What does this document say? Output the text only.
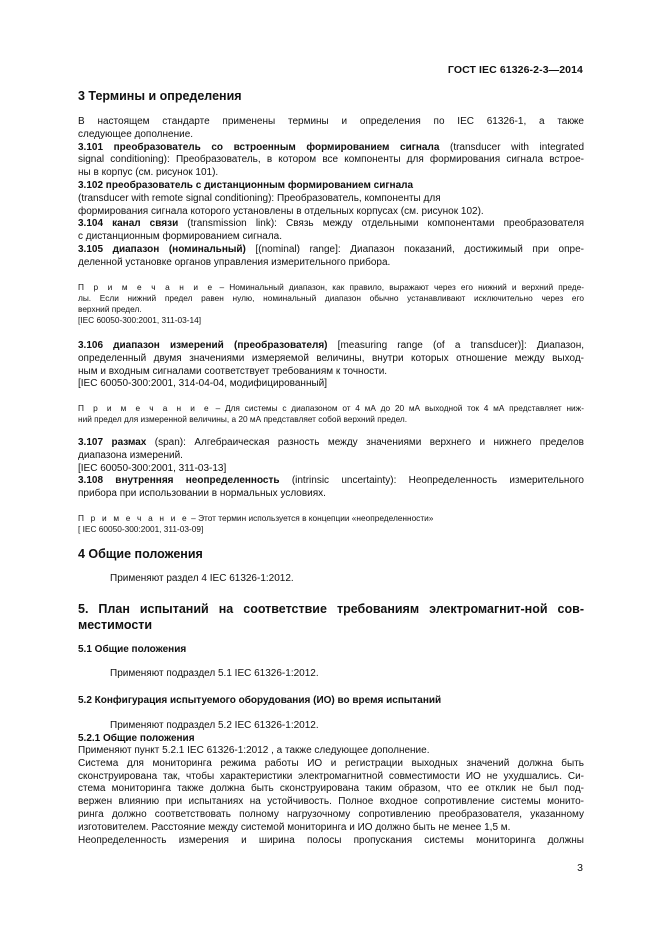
ГОСТ IEC 61326-2-3—2014
3 Термины и определения

В настоящем стандарте применены термины и определения по IEC 61326-1, а также

следующее дополнение.

3.101 преобразователь со встроенным формированием сигнала (transducer with integrated

signal conditioning): Преобразователь, в котором все компоненты для формирования сигнала встрое-

ны в корпус (см. рисунок 101).

3.102 преобразователь с дистанционным формированием сигнала

(transducer with remote signal conditioning): Преобразователь, компоненты для

формирования сигнала которого установлены в отдельных корпусах (см. рисунок 102).

3.104 канал связи (transmission link): Связь между отдельными компонентами преобразователя

с дистанционным формированием сигнала.

3.105 диапазон (номинальный) [(nominal) range]: Диапазон показаний, достижимый при опре-

деленной установке органов управления измерительного прибора.

П р и м е ч а н и е – Номинальный диапазон, как правило, выражают через его нижний и верхний преде-

лы. Если нижний предел равен нулю, номинальный диапазон обычно устанавливают исключительно через его

верхний предел.

[IEC 60050-300:2001, 311-03-14]

3.106 диапазон измерений (преобразователя) [measuring range (of a transducer)]: Диапазон,

определенный двумя значениями измеряемой величины, внутри которых отношение между выход-

ным и входным сигналами соответствует требованиям к точности.

[IEC 60050-300:2001, 314-04-04, модифицированный]

П р и м е ч а н и е – Для системы с диапазоном от 4 мА до 20 мА выходной ток 4 мА представляет ниж-

ний предел для измеренной величины, а 20 мА представляет собой верхний предел.

3.107 размах (span): Алгебраическая разность между значениями верхнего и нижнего пределов

диапазона измерений.

[IEC 60050-300:2001, 311-03-13]

3.108 внутренняя неопределенность (intrinsic uncertainty): Неопределенность измерительного

прибора при использовании в нормальных условиях.

П р и м е ч а н и е – Этот термин используется в концепции «неопределенности»

[ IEC 60050-300:2001, 311-03-09]

4 Общие положения

Применяют раздел 4 IEC 61326-1:2012.

5. План испытаний на соответствие требованиям электромагнит-ной сов-
местимости
5.1 Общие положения

Применяют подраздел 5.1 IEC 61326-1:2012.

5.2 Конфигурация испытуемого оборудования (ИО) во время испытаний

Применяют подраздел 5.2 IEC 61326-1:2012.

5.2.1 Общие положения

Применяют пункт 5.2.1 IEC 61326-1:2012 , а также следующее дополнение.

Система для мониторинга режима работы ИО и регистрации выходных значений должна быть

сконструирована так, чтобы характеристики электромагнитной совместимости ИО не ухудшались. Си-

стема мониторинга также должна быть сконструирована таким образом, что ее отклик не был под-

вержен влиянию при испытаниях на устойчивость. Полное входное сопротивление системы монито-

ринга должно соответствовать полному нагрузочному сопротивлению преобразователя, указанному

изготовителем. Расстояние между системой мониторинга и ИО должно быть не менее 1,5 м.

Неопределенность измерения и ширина полосы пропускания системы мониторинга должны

3
